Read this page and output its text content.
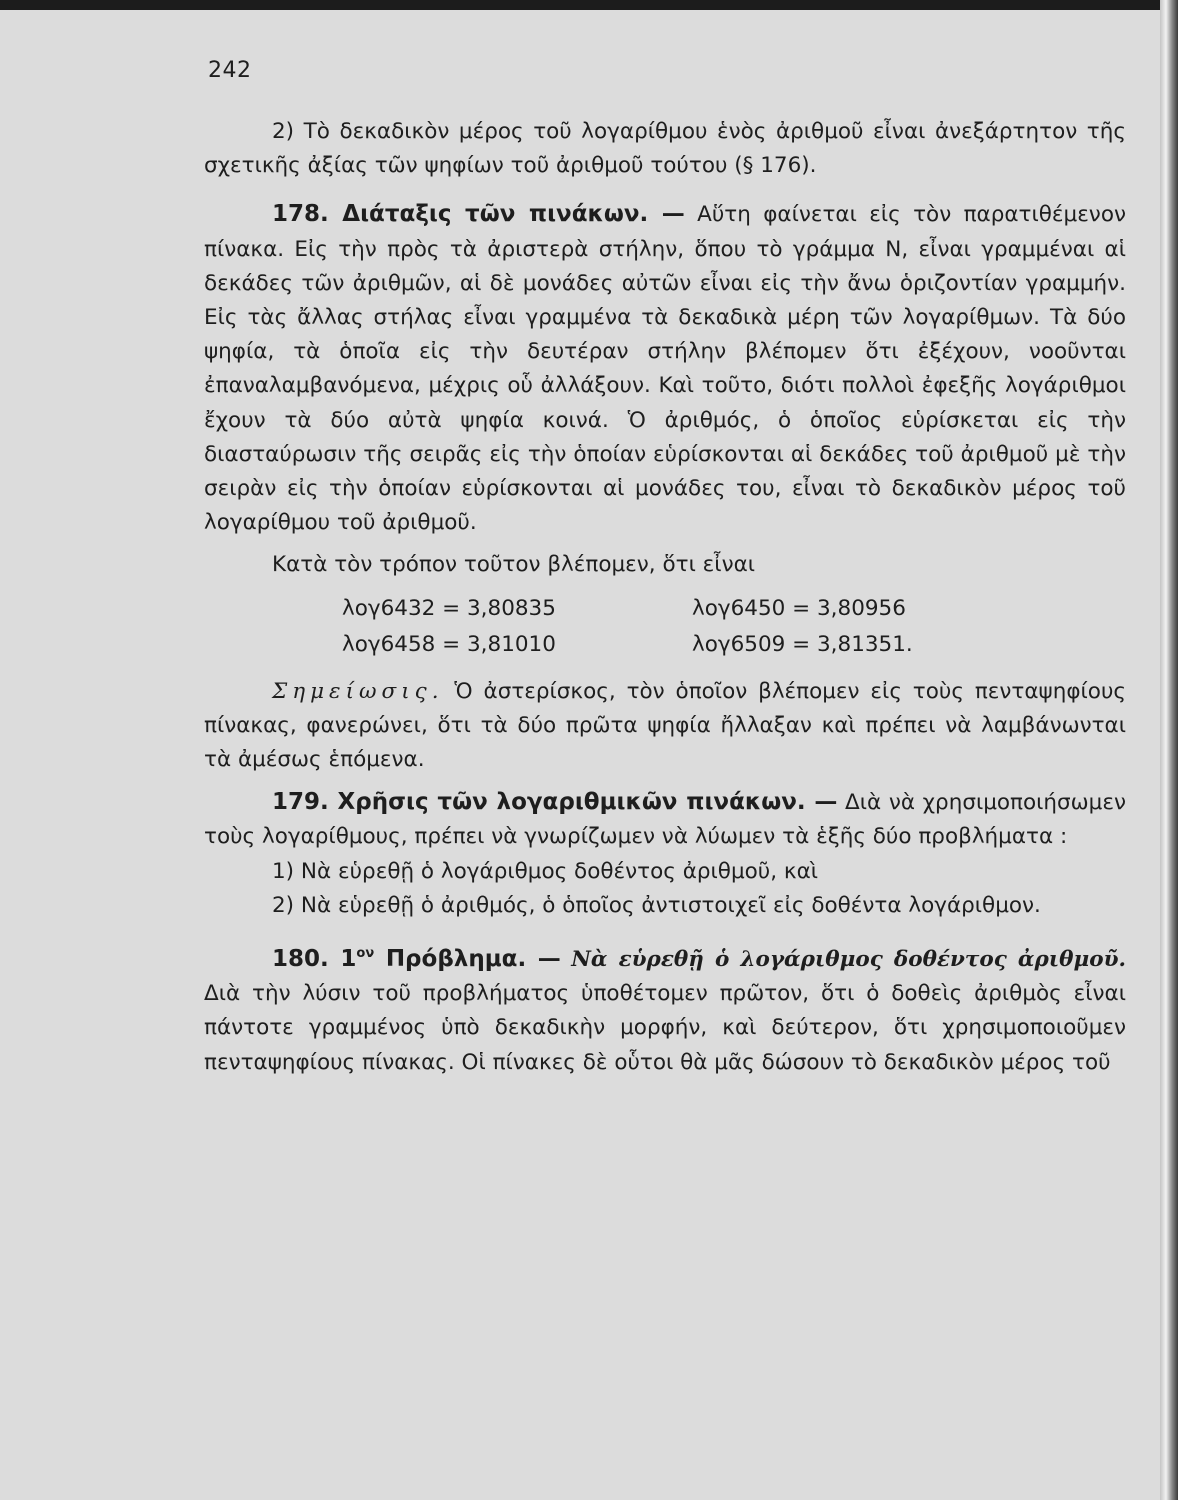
242

2) Τὸ δεκαδικὸν μέρος τοῦ λογαρίθμου ἑνὸς ἀριθμοῦ εἶναι ἀνεξάρτητον τῆς σχετικῆς ἀξίας τῶν ψηφίων τοῦ ἀριθμοῦ τούτου (§ 176).

178. Διάταξις τῶν πινάκων. — Αὕτη φαίνεται εἰς τὸν παρατιθέμενον πίνακα. Εἰς τὴν πρὸς τὰ ἀριστερὰ στήλην, ὅπου τὸ γράμμα Ν, εἶναι γραμμέναι αἱ δεκάδες τῶν ἀριθμῶν, αἱ δὲ μονάδες αὐτῶν εἶναι εἰς τὴν ἄνω ὁριζοντίαν γραμμήν. Εἰς τὰς ἄλλας στήλας εἶναι γραμμένα τὰ δεκαδικὰ μέρη τῶν λογαρίθμων. Τὰ δύο ψηφία, τὰ ὁποῖα εἰς τὴν δευτέραν στήλην βλέπομεν ὅτι ἐξέχουν, νοοῦνται ἐπαναλαμβανόμενα, μέχρις οὗ ἀλλάξουν. Καὶ τοῦτο, διότι πολλοὶ ἐφεξῆς λογάριθμοι ἔχουν τὰ δύο αὐτὰ ψηφία κοινά. Ὁ ἀριθμός, ὁ ὁποῖος εὑρίσκεται εἰς τὴν διασταύρωσιν τῆς σειρᾶς εἰς τὴν ὁποίαν εὑρίσκονται αἱ δεκάδες τοῦ ἀριθμοῦ μὲ τὴν σειρὰν εἰς τὴν ὁποίαν εὑρίσκονται αἱ μονάδες του, εἶναι τὸ δεκαδικὸν μέρος τοῦ λογαρίθμου τοῦ ἀριθμοῦ.

Κατὰ τὸν τρόπον τοῦτον βλέπομεν, ὅτι εἶναι

λογ6432 = 3,80835	λογ6450 = 3,80956
λογ6458 = 3,81010	λογ6509 = 3,81351.

Σημείωσις. Ὁ ἀστερίσκος, τὸν ὁποῖον βλέπομεν εἰς τοὺς πενταψηφίους πίνακας, φανερώνει, ὅτι τὰ δύο πρῶτα ψηφία ἤλλαξαν καὶ πρέπει νὰ λαμβάνωνται τὰ ἀμέσως ἑπόμενα.

179. Χρῆσις τῶν λογαριθμικῶν πινάκων. — Διὰ νὰ χρησιμοποιήσωμεν τοὺς λογαρίθμους, πρέπει νὰ γνωρίζωμεν νὰ λύωμεν τὰ ἑξῆς δύο προβλήματα :

1) Νὰ εὑρεθῇ ὁ λογάριθμος δοθέντος ἀριθμοῦ, καὶ

2) Νὰ εὑρεθῇ ὁ ἀριθμός, ὁ ὁποῖος ἀντιστοιχεῖ εἰς δοθέντα λογάριθμον.

180. $1^{o\nu}$ Πρόβλημα. — Νὰ εὑρεθῇ ὁ λογάριθμος δοθέντος ἀριθμοῦ. Διὰ τὴν λύσιν τοῦ προβλήματος ὑποθέτομεν πρῶτον, ὅτι ὁ δοθεὶς ἀριθμὸς εἶναι πάντοτε γραμμένος ὑπὸ δεκαδικὴν μορφήν, καὶ δεύτερον, ὅτι χρησιμοποιοῦμεν πενταψηφίους πίνακας. Οἱ πίνακες δὲ οὗτοι θὰ μᾶς δώσουν τὸ δεκαδικὸν μέρος τοῦ
